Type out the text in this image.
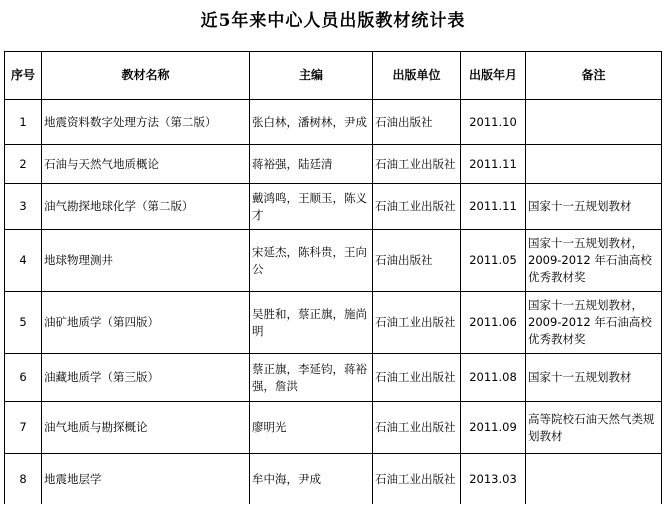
近5年来中心人员出版教材统计表
序号	教材名称	主编	出版单位	出版年月	备注
1	地震资料数字处理方法（第二版）	张白林，潘树林，尹成	石油出版社	2011.10	
2	石油与天然气地质概论	蒋裕强，陆廷清	石油工业出版社	2011.11	
3	油气勘探地球化学（第二版）	戴鸿鸣，王顺玉，陈义才	石油工业出版社	2011.11	国家十一五规划教材
4	地球物理测井	宋延杰，陈科贵，王向公	石油出版社	2011.05	国家十一五规划教材，2009-2012 年石油高校优秀教材奖
5	油矿地质学（第四版）	吴胜和，蔡正旗，施尚明	石油工业出版社	2011.06	国家十一五规划教材，2009-2012 年石油高校优秀教材奖
6	油藏地质学（第三版）	蔡正旗，李延钧，蒋裕强，詹洪	石油工业出版社	2011.08	国家十一五规划教材
7	油气地质与勘探概论	廖明光	石油工业出版社	2011.09	高等院校石油天然气类规划教材
8	地震地层学	牟中海，尹成	石油工业出版社	2013.03	
